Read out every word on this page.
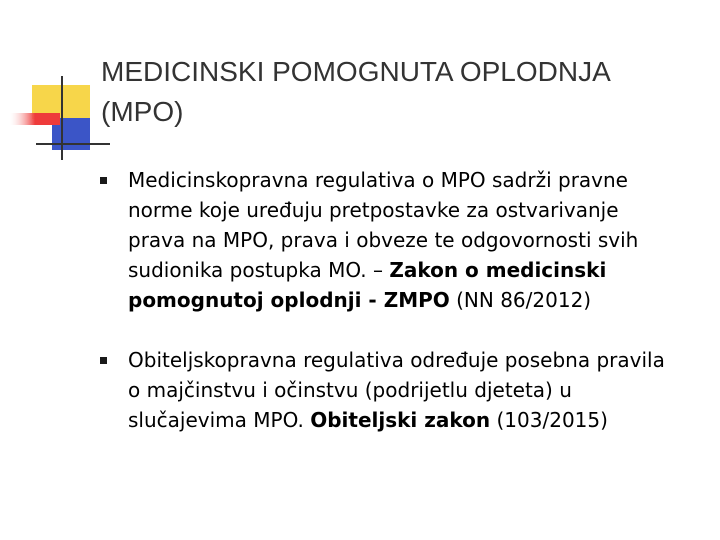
MEDICINSKI POMOGNUTA OPLODNJA
(MPO)
Medicinskopravna regulativa o MPO sadrži pravne
norme koje uređuju pretpostavke za ostvarivanje
prava na MPO, prava i obveze te odgovornosti svih
sudionika postupka MO. – Zakon o medicinski
pomognutoj oplodnji - ZMPO (NN 86/2012)
Obiteljskopravna regulativa određuje posebna pravila
o majčinstvu i očinstvu (podrijetlu djeteta) u
slučajevima MPO. Obiteljski zakon (103/2015)
